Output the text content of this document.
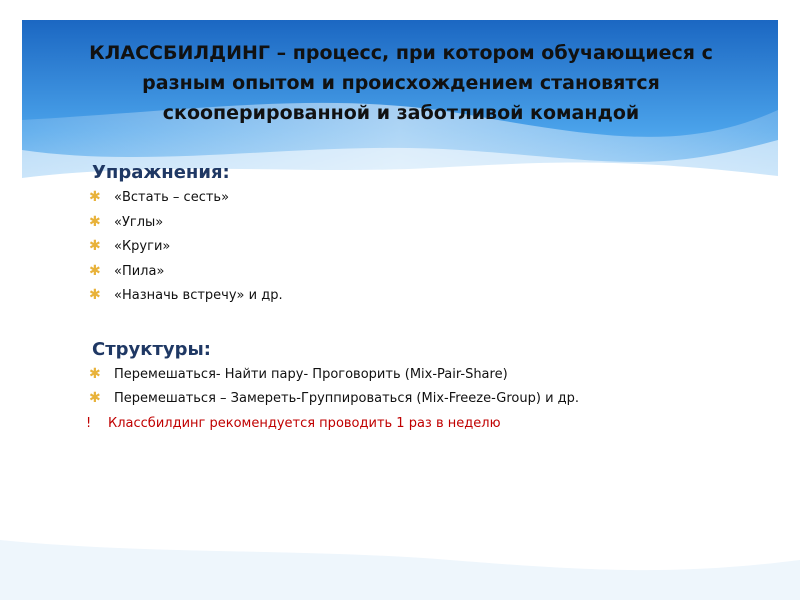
КЛАССБИЛДИНГ – процесс, при котором обучающиеся с разным опытом и происхождением становятся скооперированной и заботливой командой
Упражнения:
✱ «Встать – сесть»
✱ «Углы»
✱ «Круги»
✱ «Пила»
✱ «Назначь встречу» и др.
Структуры:
✱ Перемешаться- Найти пару- Проговорить (Mix-Pair-Share)
✱ Перемешаться – Замереть-Группироваться (Mix-Freeze-Group) и др.
! Классбилдинг рекомендуется проводить 1 раз в неделю
